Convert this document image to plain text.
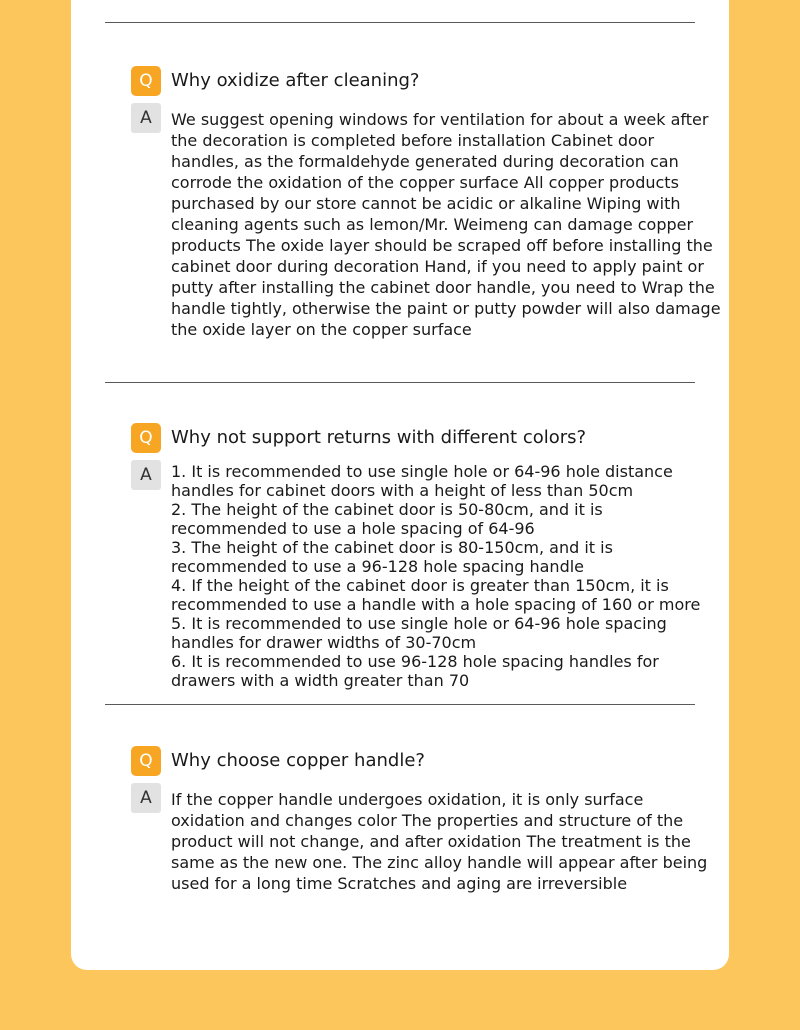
Q	Why oxidize after cleaning?
A	We suggest opening windows for ventilation for about a week after the decoration is completed before installation Cabinet door handles, as the formaldehyde generated during decoration can corrode the oxidation of the copper surface All copper products purchased by our store cannot be acidic or alkaline Wiping with cleaning agents such as lemon/Mr. Weimeng can damage copper products The oxide layer should be scraped off before installing the cabinet door during decoration Hand, if you need to apply paint or putty after installing the cabinet door handle, you need to Wrap the handle tightly, otherwise the paint or putty powder will also damage the oxide layer on the copper surface

Q	Why not support returns with different colors?
A	1. It is recommended to use single hole or 64-96 hole distance handles for cabinet doors with a height of less than 50cm

2. The height of the cabinet door is 50-80cm, and it is recommended to use a hole spacing of 64-96

3. The height of the cabinet door is 80-150cm, and it is recommended to use a 96-128 hole spacing handle

4. If the height of the cabinet door is greater than 150cm, it is recommended to use a handle with a hole spacing of 160 or more

5. It is recommended to use single hole or 64-96 hole spacing handles for drawer widths of 30-70cm

6. It is recommended to use 96-128 hole spacing handles for drawers with a width greater than 70

Q	Why choose copper handle?
A	If the copper handle undergoes oxidation, it is only surface oxidation and changes color The properties and structure of the product will not change, and after oxidation The treatment is the same as the new one. The zinc alloy handle will appear after being used for a long time Scratches and aging are irreversible
